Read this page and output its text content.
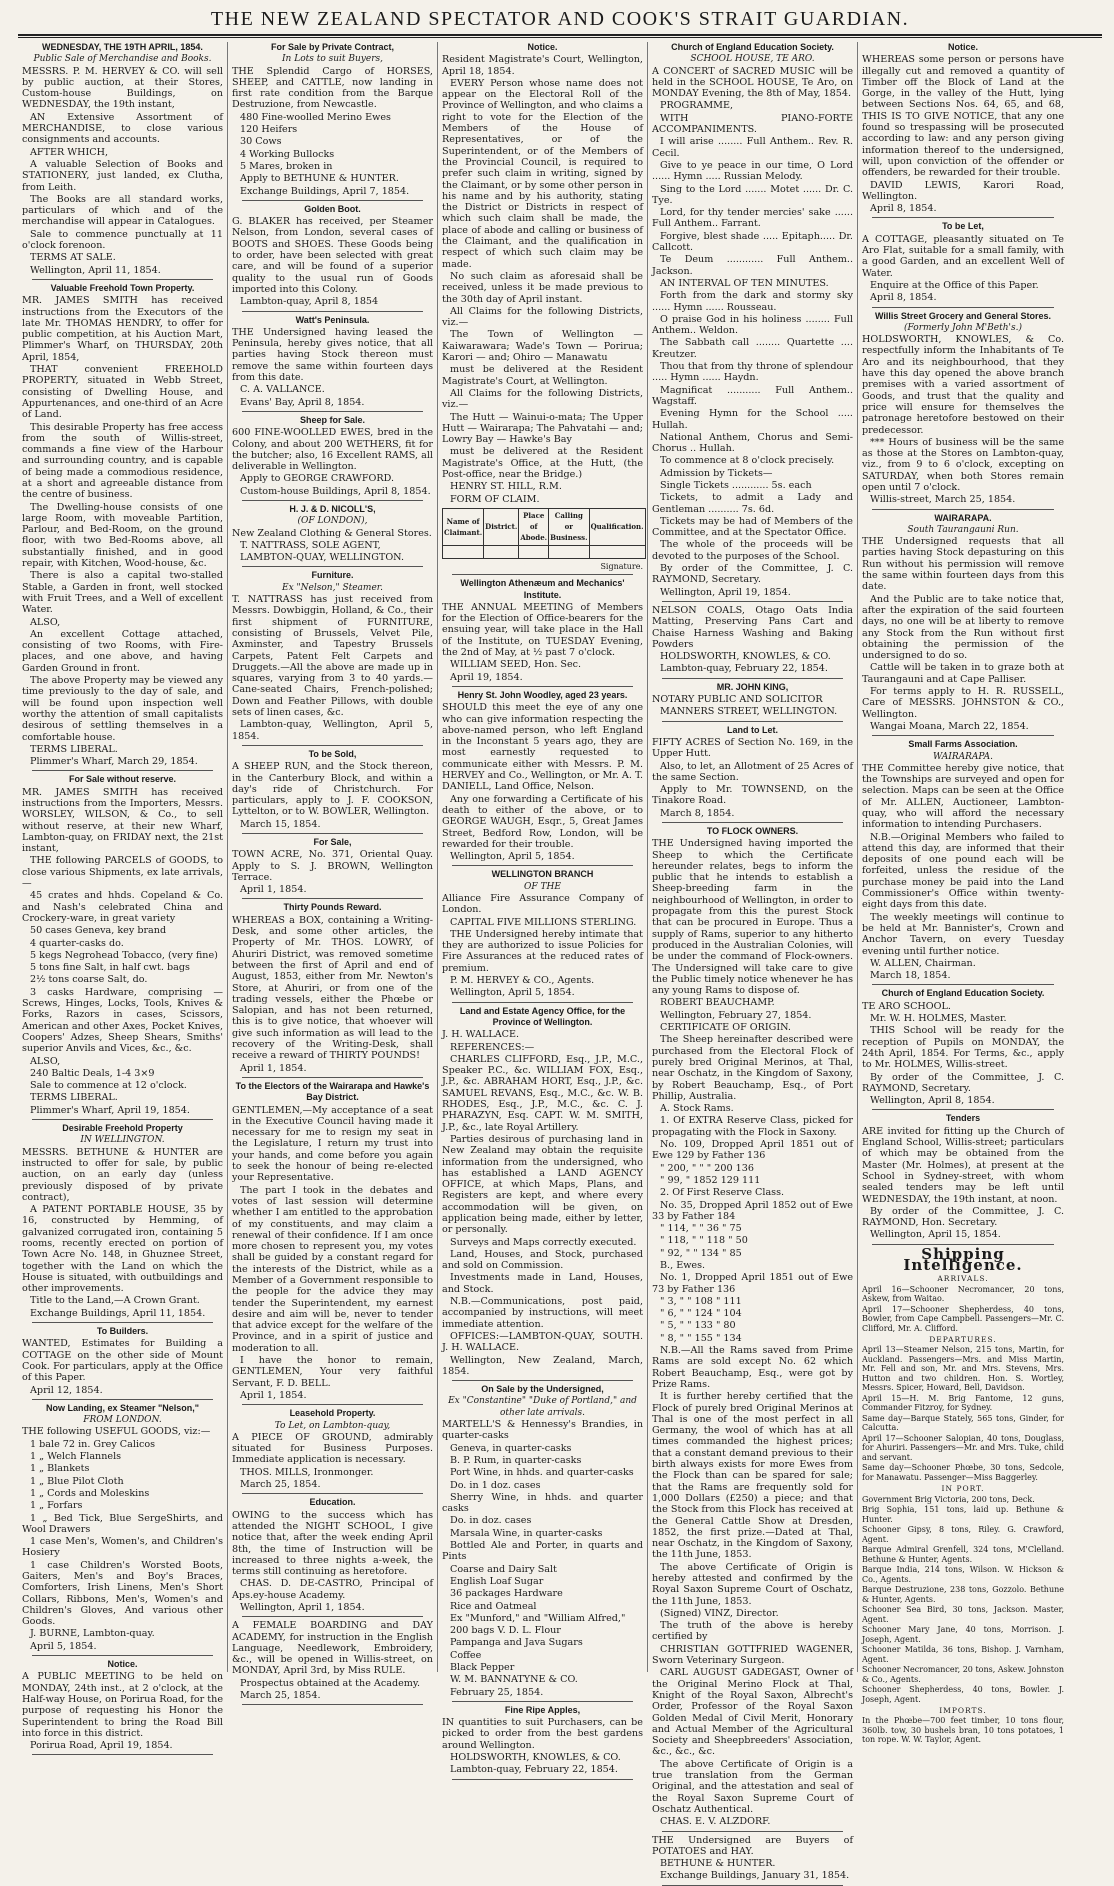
THE NEW ZEALAND SPECTATOR AND COOK'S STRAIT GUARDIAN.
WEDNESDAY, THE 19TH APRIL, 1854.
Public Sale of Merchandise and Books.

MESSRS. P. M. HERVEY & CO. will sell by public auction, at their Stores, Custom-house Buildings, on WEDNESDAY, the 19th instant,

AN Extensive Assortment of MERCHANDISE, to close various consignments and accounts.

AFTER WHICH,

A valuable Selection of Books and STATIONERY, just landed, ex Clutha, from Leith.

The Books are all standard works, particulars of which and of the merchandise will appear in Catalogues.

Sale to commence punctually at 11 o'clock forenoon.

TERMS AT SALE.

Wellington, April 11, 1854.

Valuable Freehold Town Property.

MR. JAMES SMITH has received instructions from the Executors of the late Mr. THOMAS HENDRY, to offer for public competition, at his Auction Mart, Plimmer's Wharf, on THURSDAY, 20th April, 1854,

THAT convenient FREEHOLD PROPERTY, situated in Webb Street, consisting of Dwelling House, and Appurtenances, and one-third of an Acre of Land.

This desirable Property has free access from the south of Willis-street, commands a fine view of the Harbour and surrounding country, and is capable of being made a commodious residence, at a short and agreeable distance from the centre of business.

The Dwelling-house consists of one large Room, with moveable Partition, Parlour, and Bed-Room, on the ground floor, with two Bed-Rooms above, all substantially finished, and in good repair, with Kitchen, Wood-house, &c.

There is also a capital two-stalled Stable, a Garden in front, well stocked with Fruit Trees, and a Well of excellent Water.

ALSO,

An excellent Cottage attached, consisting of two Rooms, with Fire-places, and one above, and having Garden Ground in front.

The above Property may be viewed any time previously to the day of sale, and will be found upon inspection well worthy the attention of small capitalists desirous of settling themselves in a comfortable house.

TERMS LIBERAL.

Plimmer's Wharf, March 29, 1854.

For Sale without reserve.

MR. JAMES SMITH has received instructions from the Importers, Messrs. WORSLEY, WILSON, & Co., to sell without reserve, at their new Wharf, Lambton-quay, on FRIDAY next, the 21st instant,

THE following PARCELS of GOODS, to close various Shipments, ex late arrivals,—

45 crates and hhds. Copeland & Co. and Nash's celebrated China and Crockery-ware, in great variety

50 cases Geneva, key brand

4 quarter-casks do.

5 kegs Negrohead Tobacco, (very fine)

5 tons fine Salt, in half cwt. bags

2½ tons coarse Salt, do.

3 casks Hardware, comprising — Screws, Hinges, Locks, Tools, Knives & Forks, Razors in cases, Scissors, American and other Axes, Pocket Knives, Coopers' Adzes, Sheep Shears, Smiths' superior Anvils and Vices, &c., &c.

ALSO,

240 Baltic Deals, 1-4 3×9

Sale to commence at 12 o'clock.

TERMS LIBERAL.

Plimmer's Wharf, April 19, 1854.

Desirable Freehold Property
IN WELLINGTON.

MESSRS. BETHUNE & HUNTER are instructed to offer for sale, by public auction, on an early day (unless previously disposed of by private contract),

A PATENT PORTABLE HOUSE, 35 by 16, constructed by Hemming, of galvanized corrugated iron, containing 5 rooms, recently erected on portion of Town Acre No. 148, in Ghuznee Street, together with the Land on which the House is situated, with outbuildings and other improvements.

Title to the Land,—A Crown Grant.

Exchange Buildings, April 11, 1854.

To Builders.

WANTED, Estimates for Building a COTTAGE on the other side of Mount Cook. For particulars, apply at the Office of this Paper.

April 12, 1854.

Now Landing, ex Steamer "Nelson,"
FROM LONDON.

THE following USEFUL GOODS, viz:—

1 bale 72 in. Grey Calicos

1 „ Welch Flannels

1 „ Blankets

1 „ Blue Pilot Cloth

1 „ Cords and Moleskins

1 „ Forfars

1 „ Bed Tick, Blue SergeShirts, and Wool Drawers

1 case Men's, Women's, and Children's Hosiery

1 case Children's Worsted Boots, Gaiters, Men's and Boy's Braces, Comforters, Irish Linens, Men's Short Collars, Ribbons, Men's, Women's and Children's Gloves, And various other Goods.

J. BURNE, Lambton-quay.

April 5, 1854.

Notice.

A PUBLIC MEETING to be held on MONDAY, 24th inst., at 2 o'clock, at the Half-way House, on Porirua Road, for the purpose of requesting his Honor the Superintendent to bring the Road Bill into force in this district.

Porirua Road, April 19, 1854.

For Sale by Private Contract,
In Lots to suit Buyers,

THE Splendid Cargo of HORSES, SHEEP, and CATTLE, now landing in first rate condition from the Barque Destruzione, from Newcastle.

480 Fine-woolled Merino Ewes

120 Heifers

30 Cows

4 Working Bullocks

5 Mares, broken in

Apply to BETHUNE & HUNTER.

Exchange Buildings, April 7, 1854.

Golden Boot.

G. BLAKER has received, per Steamer Nelson, from London, several cases of BOOTS and SHOES. These Goods being to order, have been selected with great care, and will be found of a superior quality to the usual run of Goods imported into this Colony.

Lambton-quay, April 8, 1854

Watt's Peninsula.

THE Undersigned having leased the Peninsula, hereby gives notice, that all parties having Stock thereon must remove the same within fourteen days from this date.

C. A. VALLANCE.

Evans' Bay, April 8, 1854.

Sheep for Sale.

600 FINE-WOOLLED EWES, bred in the Colony, and about 200 WETHERS, fit for the butcher; also, 16 Excellent RAMS, all deliverable in Wellington.

Apply to GEORGE CRAWFORD.

Custom-house Buildings, April 8, 1854.

H. J. & D. NICOLL'S,
(OF LONDON),

New Zealand Clothing & General Stores.

T. NATTRASS, SOLE AGENT,

LAMBTON-QUAY, WELLINGTON.

Furniture.
Ex "Nelson," Steamer.

T. NATTRASS has just received from Messrs. Dowbiggin, Holland, & Co., their first shipment of FURNITURE, consisting of Brussels, Velvet Pile, Axminster, and Tapestry Brussels Carpets, Patent Felt Carpets and Druggets.—All the above are made up in squares, varying from 3 to 40 yards.—Cane-seated Chairs, French-polished; Down and Feather Pillows, with double sets of linen cases, &c.

Lambton-quay, Wellington, April 5, 1854.

To be Sold,

A SHEEP RUN, and the Stock thereon, in the Canterbury Block, and within a day's ride of Christchurch. For particulars, apply to J. F. COOKSON, Lyttelton, or to W. BOWLER, Wellington.

March 15, 1854.

For Sale,

TOWN ACRE, No. 371, Oriental Quay. Apply to S. J. BROWN, Wellington Terrace.

April 1, 1854.

Thirty Pounds Reward.

WHEREAS a BOX, containing a Writing-Desk, and some other articles, the Property of Mr. THOS. LOWRY, of Ahuriri District, was removed sometime between the first of April and end of August, 1853, either from Mr. Newton's Store, at Ahuriri, or from one of the trading vessels, either the Phœbe or Salopian, and has not been returned, this is to give notice, that whoever will give such information as will lead to the recovery of the Writing-Desk, shall receive a reward of THIRTY POUNDS!

April 1, 1854.

To the Electors of the Wairarapa and Hawke's Bay District.

GENTLEMEN,—My acceptance of a seat in the Executive Council having made it necessary for me to resign my seat in the Legislature, I return my trust into your hands, and come before you again to seek the honour of being re-elected your Representative.

The part I took in the debates and votes of last session will determine whether I am entitled to the approbation of my constituents, and may claim a renewal of their confidence. If I am once more chosen to represent you, my votes shall be guided by a constant regard for the interests of the District, while as a Member of a Government responsible to the people for the advice they may tender the Superintendent, my earnest desire and aim will be, never to tender that advice except for the welfare of the Province, and in a spirit of justice and moderation to all.

I have the honor to remain, GENTLEMEN, Your very faithful Servant, F. D. BELL.

April 1, 1854.

Leasehold Property.
To Let, on Lambton-quay,

A PIECE OF GROUND, admirably situated for Business Purposes. Immediate application is necessary.

THOS. MILLS, Ironmonger.

March 25, 1854.

Education.

OWING to the success which has attended the NIGHT SCHOOL, I give notice that, after the week ending April 8th, the time of Instruction will be increased to three nights a-week, the terms still continuing as heretofore.

CHAS. D. DE-CASTRO, Principal of Aps.ey-house Academy.

Wellington, April 1, 1854.

A FEMALE BOARDING and DAY ACADEMY, for instruction in the English Language, Needlework, Embroidery, &c., will be opened in Willis-street, on MONDAY, April 3rd, by Miss RULE.

Prospectus obtained at the Academy.

March 25, 1854.

Notice.

Resident Magistrate's Court, Wellington, April 18, 1854.

EVERY Person whose name does not appear on the Electoral Roll of the Province of Wellington, and who claims a right to vote for the Election of the Members of the House of Representatives, or of the Superintendent, or of the Members of the Provincial Council, is required to prefer such claim in writing, signed by the Claimant, or by some other person in his name and by his authority, stating the District or Districts in respect of which such claim shall be made, the place of abode and calling or business of the Claimant, and the qualification in respect of which such claim may be made.

No such claim as aforesaid shall be received, unless it be made previous to the 30th day of April instant.

All Claims for the following Districts, viz.—

The Town of Wellington — Kaiwarawara; Wade's Town — Porirua; Karori — and; Ohiro — Manawatu

must be delivered at the Resident Magistrate's Court, at Wellington.

All Claims for the following Districts, viz.—

The Hutt — Wainui-o-mata; The Upper Hutt — Wairarapa; The Pahvatahi — and; Lowry Bay — Hawke's Bay

must be delivered at the Resident Magistrate's Office, at the Hutt, (the Post-office, near the Bridge.)

HENRY ST. HILL, R.M.

FORM OF CLAIM.

Name of Claimant.	District.	Place of Abode.	Calling or Business.	Qualification.

Signature.
Wellington Athenæum and Mechanics' Institute.

THE ANNUAL MEETING of Members for the Election of Office-bearers for the ensuing year, will take place in the Hall of the Institute, on TUESDAY Evening, the 2nd of May, at ½ past 7 o'clock.

WILLIAM SEED, Hon. Sec.

April 19, 1854.

Henry St. John Woodley, aged 23 years.

SHOULD this meet the eye of any one who can give information respecting the above-named person, who left England in the Inconstant 5 years ago, they are most earnestly requested to communicate either with Messrs. P. M. HERVEY and Co., Wellington, or Mr. A. T. DANIELL, Land Office, Nelson.

Any one forwarding a Certificate of his death to either of the above, or to GEORGE WAUGH, Esqr., 5, Great James Street, Bedford Row, London, will be rewarded for their trouble.

Wellington, April 5, 1854.

WELLINGTON BRANCH
OF THE

Alliance Fire Assurance Company of London.

CAPITAL FIVE MILLIONS STERLING.

THE Undersigned hereby intimate that they are authorized to issue Policies for Fire Assurances at the reduced rates of premium.

P. M. HERVEY & CO., Agents.

Wellington, April 5, 1854.

Land and Estate Agency Office, for the Province of Wellington.

J. H. WALLACE.

REFERENCES:—

CHARLES CLIFFORD, Esq., J.P., M.C., Speaker P.C., &c. WILLIAM FOX, Esq., J.P., &c. ABRAHAM HORT, Esq., J.P., &c. SAMUEL REVANS, Esq., M.C., &c. W. B. RHODES, Esq., J.P., M.C., &c. C. J. PHARAZYN, Esq. CAPT. W. M. SMITH, J.P., &c., late Royal Artillery.

Parties desirous of purchasing land in New Zealand may obtain the requisite information from the undersigned, who has established a LAND AGENCY OFFICE, at which Maps, Plans, and Registers are kept, and where every accommodation will be given, on application being made, either by letter, or personally.

Surveys and Maps correctly executed.

Land, Houses, and Stock, purchased and sold on Commission.

Investments made in Land, Houses, and Stock.

N.B.—Communications, post paid, accompanied by instructions, will meet immediate attention.

OFFICES:—LAMBTON-QUAY, SOUTH. J. H. WALLACE.

Wellington, New Zealand, March, 1854.

On Sale by the Undersigned,
Ex "Constantine" "Duke of Portland," and other late arrivals.

MARTELL'S & Hennessy's Brandies, in quarter-casks

Geneva, in quarter-casks

B. P. Rum, in quarter-casks

Port Wine, in hhds. and quarter-casks

Do. in 1 doz. cases

Sherry Wine, in hhds. and quarter casks

Do. in doz. cases

Marsala Wine, in quarter-casks

Bottled Ale and Porter, in quarts and Pints

Coarse and Dairy Salt

English Loaf Sugar

36 packages Hardware

Rice and Oatmeal

Ex "Munford," and "William Alfred,"

200 bags V. D. L. Flour

Pampanga and Java Sugars

Coffee

Black Pepper

W. M. BANNATYNE & CO.

February 25, 1854.

Fine Ripe Apples,

IN quantities to suit Purchasers, can be picked to order from the best gardens around Wellington.

HOLDSWORTH, KNOWLES, & CO.

Lambton-quay, February 22, 1854.

Church of England Education Society.
SCHOOL HOUSE, TE ARO.

A CONCERT of SACRED MUSIC will be held in the SCHOOL HOUSE, Te Aro, on MONDAY Evening, the 8th of May, 1854.

PROGRAMME,

WITH PIANO-FORTE ACCOMPANIMENTS.

I will arise ........ Full Anthem.. Rev. R. Cecil.

Give to ye peace in our time, O Lord ...... Hymn ..... Russian Melody.

Sing to the Lord ....... Motet ...... Dr. C. Tye.

Lord, for thy tender mercies' sake ...... Full Anthem.. Farrant.

Forgive, blest shade ..... Epitaph..... Dr. Callcott.

Te Deum ............ Full Anthem.. Jackson.

AN INTERVAL OF TEN MINUTES.

Forth from the dark and stormy sky ...... Hymn ...... Rousseau.

O praise God in his holiness ........ Full Anthem.. Weldon.

The Sabbath call ........ Quartette .... Kreutzer.

Thou that from thy throne of splendour ..... Hymn ...... Haydn.

Magnificat ........... Full Anthem.. Wagstaff.

Evening Hymn for the School ..... Hullah.

National Anthem, Chorus and Semi-Chorus .. Hullah.

To commence at 8 o'clock precisely.

Admission by Tickets—

Single Tickets ............ 5s. each

Tickets, to admit a Lady and Gentleman .......... 7s. 6d.

Tickets may be had of Members of the Committee, and at the Spectator Office.

The whole of the proceeds will be devoted to the purposes of the School.

By order of the Committee, J. C. RAYMOND, Secretary.

Wellington, April 19, 1854.

NELSON COALS, Otago Oats India Matting, Preserving Pans Cart and Chaise Harness Washing and Baking Powders

HOLDSWORTH, KNOWLES, & CO.

Lambton-quay, February 22, 1854.

MR. JOHN KING,

NOTARY PUBLIC AND SOLICITOR

MANNERS STREET, WELLINGTON.

Land to Let.

FIFTY ACRES of Section No. 169, in the Upper Hutt.

Also, to let, an Allotment of 25 Acres of the same Section.

Apply to Mr. TOWNSEND, on the Tinakore Road.

March 8, 1854.

TO FLOCK OWNERS.

THE Undersigned having imported the Sheep to which the Certificate hereunder relates, begs to inform the public that he intends to establish a Sheep-breeding farm in the neighbourhood of Wellington, in order to propagate from this the purest Stock that can be procured in Europe. Thus a supply of Rams, superior to any hitherto produced in the Australian Colonies, will be under the command of Flock-owners. The Undersigned will take care to give the Public timely notice whenever he has any young Rams to dispose of.

ROBERT BEAUCHAMP.

Wellington, February 27, 1854.

CERTIFICATE OF ORIGIN.

The Sheep hereinafter described were purchased from the Electoral Flock of purely bred Original Merinos, at Thal, near Oschatz, in the Kingdom of Saxony, by Robert Beauchamp, Esq., of Port Phillip, Australia.

A. Stock Rams.

1. Of EXTRA Reserve Class, picked for propagating with the Flock in Saxony.

No. 109, Dropped April 1851 out of Ewe 129 by Father 136

" 200, " " " 200 136

" 99, " 1852 129 111

2. Of First Reserve Class.

No. 35, Dropped April 1852 out of Ewe 33 by Father 184

" 114, " " 36 " 75

" 118, " " 118 " 50

" 92, " " 134 " 85

B., Ewes.

No. 1, Dropped April 1851 out of Ewe 73 by Father 136

" 3, " " 108 " 111

" 6, " " 124 " 104

" 5, " " 133 " 80

" 8, " " 155 " 134

N.B.—All the Rams saved from Prime Rams are sold except No. 62 which Robert Beauchamp, Esq., were got by Prize Rams.

It is further hereby certified that the Flock of purely bred Original Merinos at Thal is one of the most perfect in all Germany, the wool of which has at all times commanded the highest prices; that a constant demand previous to their birth always exists for more Ewes from the Flock than can be spared for sale; that the Rams are frequently sold for 1,000 Dollars (£250) a piece; and that the Stock from this Flock has received at the General Cattle Show at Dresden, 1852, the first prize.—Dated at Thal, near Oschatz, in the Kingdom of Saxony, the 11th June, 1853.

The above Certificate of Origin is hereby attested and confirmed by the Royal Saxon Supreme Court of Oschatz, the 11th June, 1853.

(Signed) VINZ, Director.

The truth of the above is hereby certified by

CHRISTIAN GOTTFRIED WAGENER, Sworn Veterinary Surgeon.

CARL AUGUST GADEGAST, Owner of the Original Merino Flock at Thal, Knight of the Royal Saxon, Albrecht's Order, Professor of the Royal Saxon Golden Medal of Civil Merit, Honorary and Actual Member of the Agricultural Society and Sheepbreeders' Association, &c., &c., &c.

The above Certificate of Origin is a true translation from the German Original, and the attestation and seal of the Royal Saxon Supreme Court of Oschatz Authentical.

CHAS. E. V. ALZDORF.

THE Undersigned are Buyers of POTATOES and HAY.

BETHUNE & HUNTER.

Exchange Buildings, January 31, 1854.

Notice.

WHEREAS some person or persons have illegally cut and removed a quantity of Timber off the Block of Land at the Gorge, in the valley of the Hutt, lying between Sections Nos. 64, 65, and 68, THIS IS TO GIVE NOTICE, that any one found so trespassing will be prosecuted according to law: and any person giving information thereof to the undersigned, will, upon conviction of the offender or offenders, be rewarded for their trouble.

DAVID LEWIS, Karori Road, Wellington.

April 8, 1854.

To be Let,

A COTTAGE, pleasantly situated on Te Aro Flat, suitable for a small family, with a good Garden, and an excellent Well of Water.

Enquire at the Office of this Paper.

April 8, 1854.

Willis Street Grocery and General Stores.
(Formerly John M'Beth's.)

HOLDSWORTH, KNOWLES, & Co. respectfully inform the Inhabitants of Te Aro and its neighbourhood, that they have this day opened the above branch premises with a varied assortment of Goods, and trust that the quality and price will ensure for themselves the patronage heretofore bestowed on their predecessor.

*** Hours of business will be the same as those at the Stores on Lambton-quay, viz., from 9 to 6 o'clock, excepting on SATURDAY, when both Stores remain open until 7 o'clock.

Willis-street, March 25, 1854.

WAIRARAPA.
South Taurangauni Run.

THE Undersigned requests that all parties having Stock depasturing on this Run without his permission will remove the same within fourteen days from this date.

And the Public are to take notice that, after the expiration of the said fourteen days, no one will be at liberty to remove any Stock from the Run without first obtaining the permission of the undersigned to do so.

Cattle will be taken in to graze both at Taurangauni and at Cape Palliser.

For terms apply to H. R. RUSSELL, Care of MESSRS. JOHNSTON & CO., Wellington.

Wangai Moana, March 22, 1854.

Small Farms Association.
WAIRARAPA.

THE Committee hereby give notice, that the Townships are surveyed and open for selection. Maps can be seen at the Office of Mr. ALLEN, Auctioneer, Lambton-quay, who will afford the necessary information to intending Purchasers.

N.B.—Original Members who failed to attend this day, are informed that their deposits of one pound each will be forfeited, unless the residue of the purchase money be paid into the Land Commissioner's Office within twenty-eight days from this date.

The weekly meetings will continue to be held at Mr. Bannister's, Crown and Anchor Tavern, on every Tuesday evening until further notice.

W. ALLEN, Chairman.

March 18, 1854.

Church of England Education Society.

TE ARO SCHOOL.

Mr. W. H. HOLMES, Master.

THIS School will be ready for the reception of Pupils on MONDAY, the 24th April, 1854. For Terms, &c., apply to Mr. HOLMES, Willis-street.

By order of the Committee, J. C. RAYMOND, Secretary.

Wellington, April 8, 1854.

Tenders

ARE invited for fitting up the Church of England School, Willis-street; particulars of which may be obtained from the Master (Mr. Holmes), at present at the School in Sydney-street, with whom sealed tenders may be left until WEDNESDAY, the 19th instant, at noon.

By order of the Committee, J. C. RAYMOND, Hon. Secretary.

Wellington, April 15, 1854.

Shipping Intelligence.
ARRIVALS.

April 16—Schooner Necromancer, 20 tons, Askew, from Waitao.

April 17—Schooner Shepherdess, 40 tons, Bowler, from Cape Campbell. Passengers—Mr. C. Clifford, Mr. A. Clifford.

DEPARTURES.

April 13—Steamer Nelson, 215 tons, Martin, for Auckland. Passengers—Mrs. and Miss Martin, Mr. Fell and son, Mr. and Mrs. Stevens, Mrs. Hutton and two children. Hon. S. Wortley, Messrs. Spicer, Howard, Bell, Davidson.

April 15—H. M. Brig Fantome, 12 guns, Commander Fitzroy, for Sydney.

Same day—Barque Stately, 565 tons, Ginder, for Calcutta.

April 17—Schooner Salopian, 40 tons, Douglass, for Ahuriri. Passengers—Mr. and Mrs. Tuke, child and servant.

Same day—Schooner Phœbe, 30 tons, Sedcole, for Manawatu. Passenger—Miss Baggerley.

IN PORT.

Government Brig Victoria, 200 tons, Deck.

Brig Sophia, 151 tons, laid up. Bethune & Hunter.

Schooner Gipsy, 8 tons, Riley. G. Crawford, Agent.

Barque Admiral Grenfell, 324 tons, M'Clelland. Bethune & Hunter, Agents.

Barque India, 214 tons, Wilson. W. Hickson & Co., Agents.

Barque Destruzione, 238 tons, Gozzolo. Bethune & Hunter, Agents.

Schooner Sea Bird, 30 tons, Jackson. Master, Agent.

Schooner Mary Jane, 40 tons, Morrison. J. Joseph, Agent.

Schooner Matilda, 36 tons, Bishop. J. Varnham, Agent.

Schooner Necromancer, 20 tons, Askew. Johnston & Co., Agents.

Schooner Shepherdess, 40 tons, Bowler. J. Joseph, Agent.

IMPORTS.

In the Phœbe—700 feet timber, 10 tons flour, 360lb. tow, 30 bushels bran, 10 tons potatoes, 1 ton rope. W. W. Taylor, Agent.
